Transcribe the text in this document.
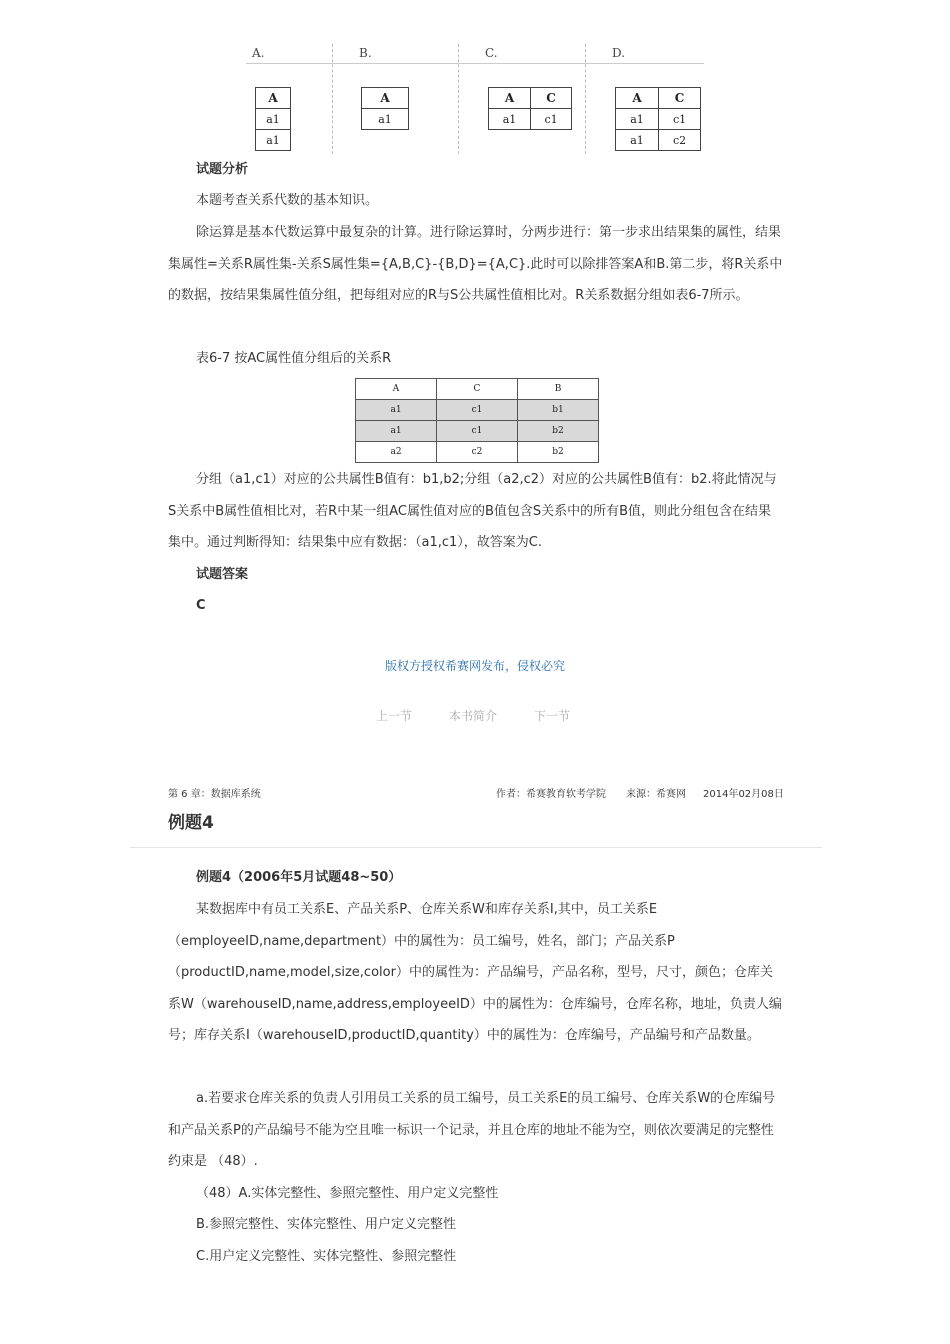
A.	B.	C.	D.
A
a1
a1
A
a1
A	C
a1	c1
A	C
a1	c1
a1	c2
试题分析
本题考查关系代数的基本知识。
除运算是基本代数运算中最复杂的计算。进行除运算时，分两步进行：第一步求出结果集的属性，结果集属性=关系R属性集-关系S属性集={A,B,C}-{B,D}={A,C}.此时可以除排答案A和B.第二步，将R关系中的数据，按结果集属性值分组，把每组对应的R与S公共属性值相比对。R关系数据分组如表6-7所示。
表6-7 按AC属性值分组后的关系R
A	C	B
a1	c1	b1
a1	c1	b2
a2	c2	b2
分组（a1,c1）对应的公共属性B值有：b1,b2;分组（a2,c2）对应的公共属性B值有：b2.将此情况与S关系中B属性值相比对，若R中某一组AC属性值对应的B值包含S关系中的所有B值，则此分组包含在结果集中。通过判断得知：结果集中应有数据：（a1,c1），故答案为C.
试题答案
C
版权方授权希赛网发布，侵权必究
上一节	本书简介	下一节
第 6 章：数据库系统	作者：希赛教育软考学院 来源：希赛网 2014年02月08日
例题4
例题4（2006年5月试题48~50）
某数据库中有员工关系E、产品关系P、仓库关系W和库存关系I,其中，员工关系E（employeeID,name,department）中的属性为：员工编号，姓名，部门；产品关系P（productID,name,model,size,color）中的属性为：产品编号，产品名称，型号，尺寸，颜色；仓库关系W（warehouseID,name,address,employeeID）中的属性为：仓库编号，仓库名称，地址，负责人编号；库存关系I（warehouseID,productID,quantity）中的属性为：仓库编号，产品编号和产品数量。
a.若要求仓库关系的负责人引用员工关系的员工编号，员工关系E的员工编号、仓库关系W的仓库编号和产品关系P的产品编号不能为空且唯一标识一个记录，并且仓库的地址不能为空，则依次要满足的完整性约束是 （48）.
（48）A.实体完整性、参照完整性、用户定义完整性
B.参照完整性、实体完整性、用户定义完整性
C.用户定义完整性、实体完整性、参照完整性
